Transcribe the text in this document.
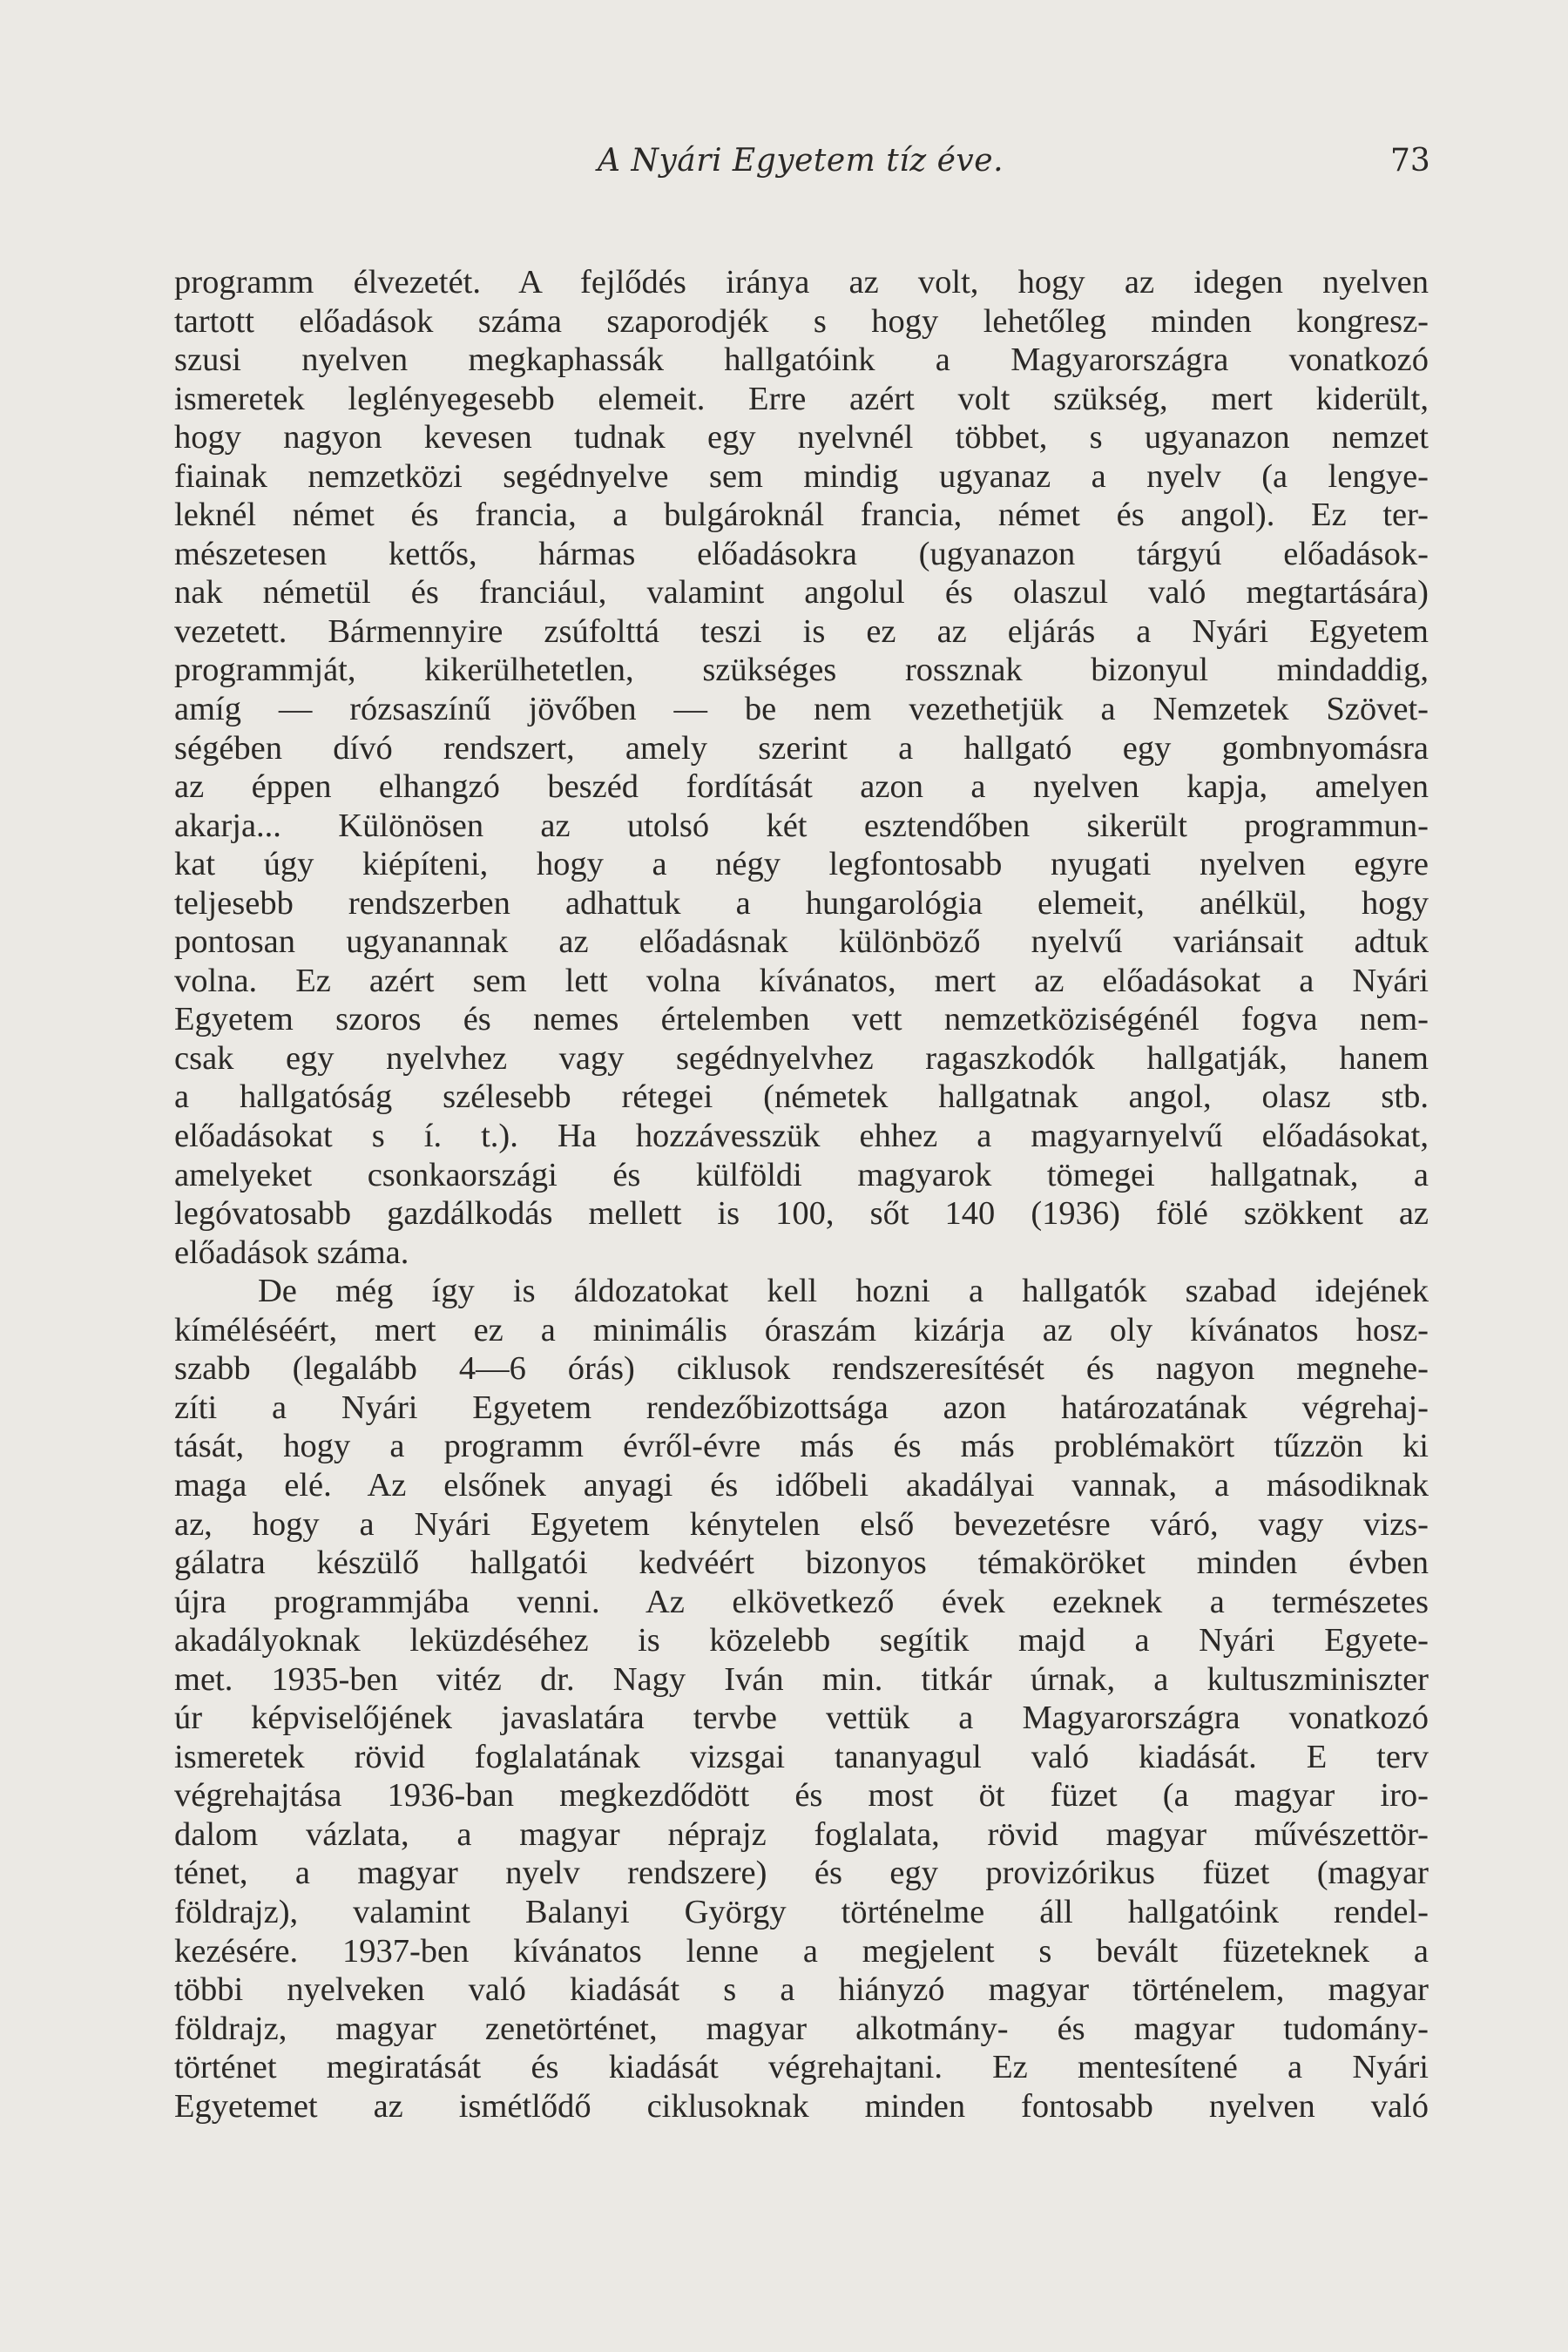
A Nyári Egyetem tíz éve.	73
programm élvezetét. A fejlődés iránya az volt, hogy az idegen nyelven
tartott előadások száma szaporodjék s hogy lehetőleg minden kongresz-
szusi nyelven megkaphassák hallgatóink a Magyarországra vonatkozó
ismeretek leglényegesebb elemeit. Erre azért volt szükség, mert kiderült,
hogy nagyon kevesen tudnak egy nyelvnél többet, s ugyanazon nemzet
fiainak nemzetközi segédnyelve sem mindig ugyanaz a nyelv (a lengye-
leknél német és francia, a bulgároknál francia, német és angol). Ez ter-
mészetesen kettős, hármas előadásokra (ugyanazon tárgyú előadások-
nak németül és franciául, valamint angolul és olaszul való megtartására)
vezetett. Bármennyire zsúfolttá teszi is ez az eljárás a Nyári Egyetem
programmját, kikerülhetetlen, szükséges rossznak bizonyul mindaddig,
amíg — rózsaszínű jövőben — be nem vezethetjük a Nemzetek Szövet-
ségében dívó rendszert, amely szerint a hallgató egy gombnyomásra
az éppen elhangzó beszéd fordítását azon a nyelven kapja, amelyen
akarja... Különösen az utolsó két esztendőben sikerült programmun-
kat úgy kiépíteni, hogy a négy legfontosabb nyugati nyelven egyre
teljesebb rendszerben adhattuk a hungarológia elemeit, anélkül, hogy
pontosan ugyanannak az előadásnak különböző nyelvű variánsait adtuk
volna. Ez azért sem lett volna kívánatos, mert az előadásokat a Nyári
Egyetem szoros és nemes értelemben vett nemzetköziségénél fogva nem-
csak egy nyelvhez vagy segédnyelvhez ragaszkodók hallgatják, hanem
a hallgatóság szélesebb rétegei (németek hallgatnak angol, olasz stb.
előadásokat s í. t.). Ha hozzávesszük ehhez a magyarnyelvű előadásokat,
amelyeket csonkaországi és külföldi magyarok tömegei hallgatnak, a
legóvatosabb gazdálkodás mellett is 100, sőt 140 (1936) fölé szökkent az
előadások száma.
De még így is áldozatokat kell hozni a hallgatók szabad idejének
kíméléséért, mert ez a minimális óraszám kizárja az oly kívánatos hosz-
szabb (legalább 4—6 órás) ciklusok rendszeresítését és nagyon megnehe-
zíti a Nyári Egyetem rendezőbizottsága azon határozatának végrehaj-
tását, hogy a programm évről-évre más és más problémakört tűzzön ki
maga elé. Az elsőnek anyagi és időbeli akadályai vannak, a másodiknak
az, hogy a Nyári Egyetem kénytelen első bevezetésre váró, vagy vizs-
gálatra készülő hallgatói kedvéért bizonyos témaköröket minden évben
újra programmjába venni. Az elkövetkező évek ezeknek a természetes
akadályoknak leküzdéséhez is közelebb segítik majd a Nyári Egyete-
met. 1935-ben vitéz dr. Nagy Iván min. titkár úrnak, a kultuszminiszter
úr képviselőjének javaslatára tervbe vettük a Magyarországra vonatkozó
ismeretek rövid foglalatának vizsgai tananyagul való kiadását. E terv
végrehajtása 1936-ban megkezdődött és most öt füzet (a magyar iro-
dalom vázlata, a magyar néprajz foglalata, rövid magyar művészettör-
ténet, a magyar nyelv rendszere) és egy provizórikus füzet (magyar
földrajz), valamint Balanyi György történelme áll hallgatóink rendel-
kezésére. 1937-ben kívánatos lenne a megjelent s bevált füzeteknek a
többi nyelveken való kiadását s a hiányzó magyar történelem, magyar
földrajz, magyar zenetörténet, magyar alkotmány- és magyar tudomány-
történet megiratását és kiadását végrehajtani. Ez mentesítené a Nyári
Egyetemet az ismétlődő ciklusoknak minden fontosabb nyelven való
